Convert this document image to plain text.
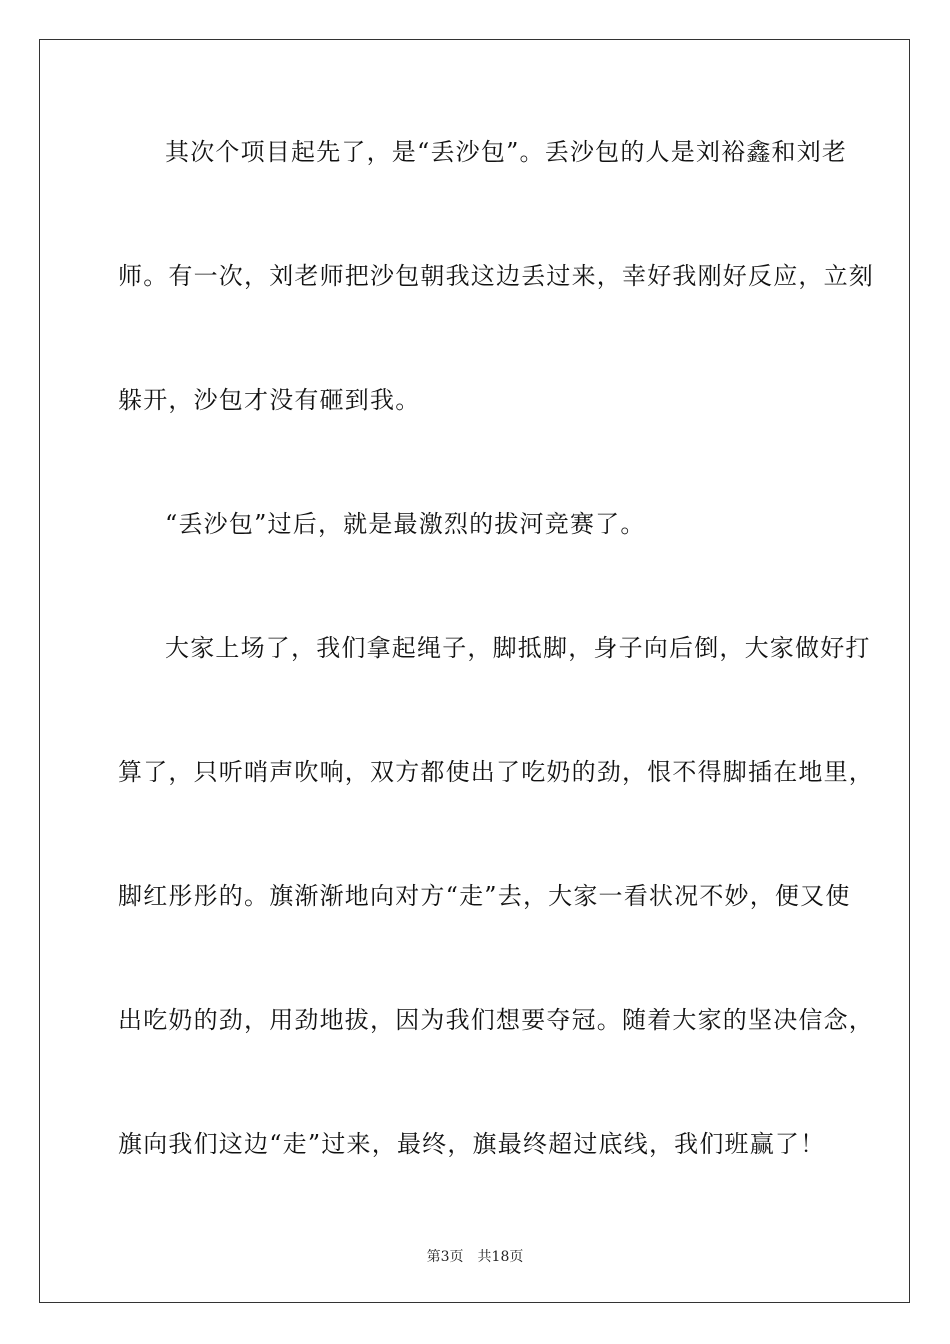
其次个项目起先了，是“丢沙包”。丢沙包的人是刘裕鑫和刘老
师。有一次，刘老师把沙包朝我这边丢过来，幸好我刚好反应，立刻
躲开，沙包才没有砸到我。
“丢沙包”过后，就是最激烈的拔河竞赛了。
大家上场了，我们拿起绳子，脚抵脚，身子向后倒，大家做好打
算了，只听哨声吹响，双方都使出了吃奶的劲，恨不得脚插在地里，
脚红彤彤的。旗渐渐地向对方“走”去，大家一看状况不妙，便又使
出吃奶的劲，用劲地拔，因为我们想要夺冠。随着大家的坚决信念，
旗向我们这边“走”过来，最终，旗最终超过底线，我们班赢了！
第3页 共18页
